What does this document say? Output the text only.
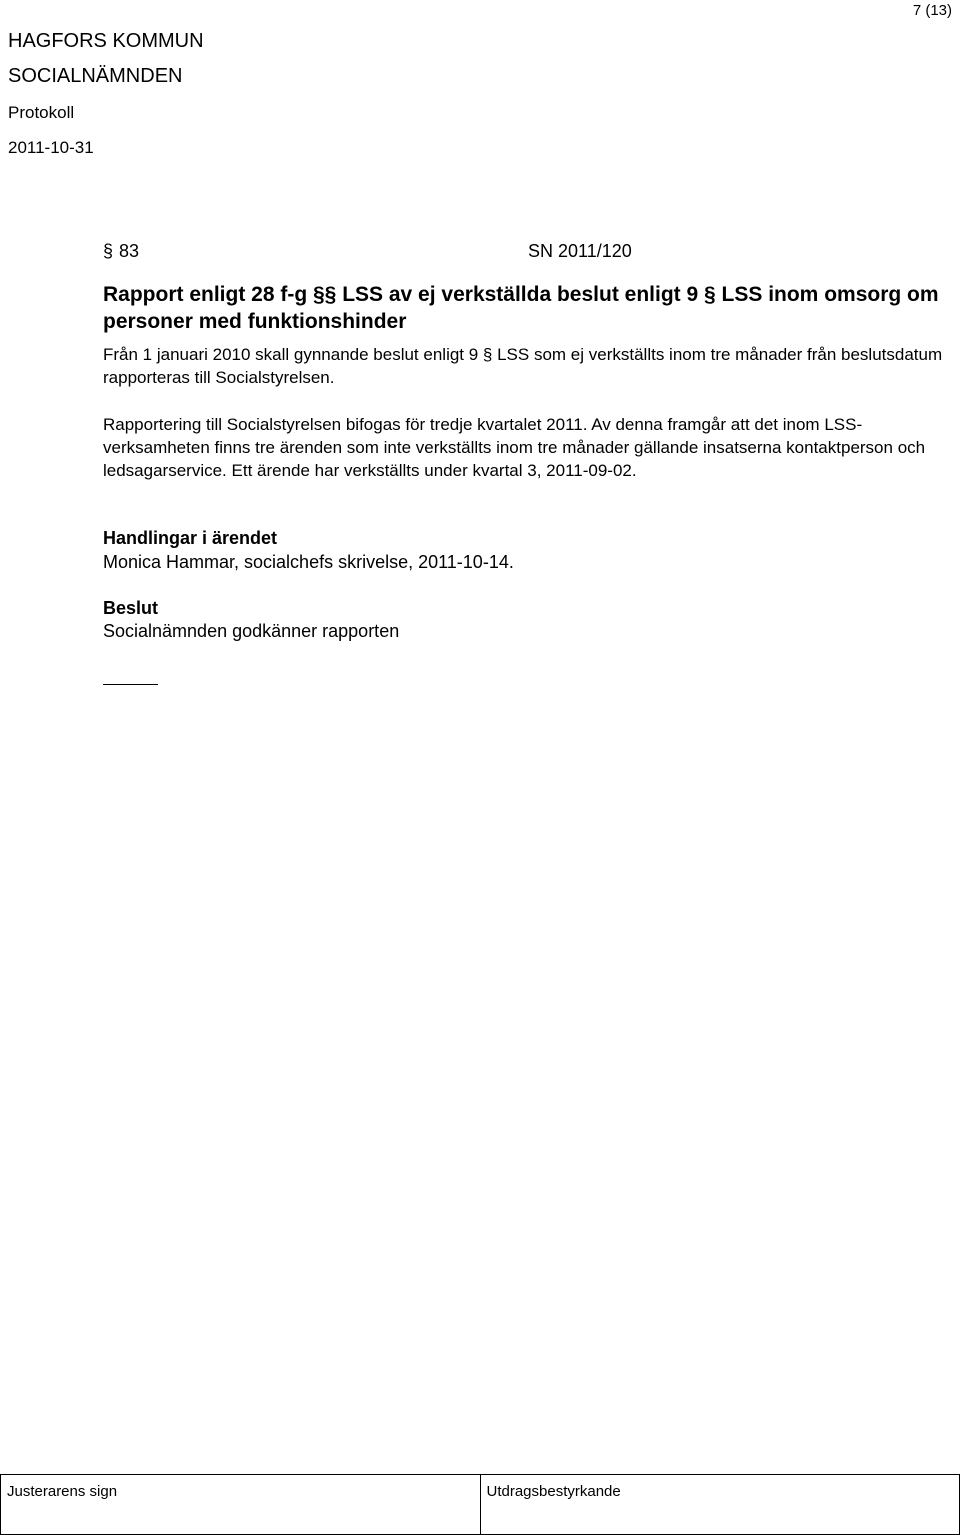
7 (13)
HAGFORS KOMMUN
SOCIALNÄMNDEN
Protokoll
2011-10-31
§ 83	SN 2011/120
Rapport enligt 28 f-g §§ LSS av ej verkställda beslut enligt 9 § LSS inom omsorg om personer med funktionshinder
Från 1 januari 2010 skall gynnande beslut enligt 9 § LSS som ej verkställts inom tre månader från beslutsdatum rapporteras till Socialstyrelsen.
Rapportering till Socialstyrelsen bifogas för tredje kvartalet 2011. Av denna framgår att det inom LSS-verksamheten finns tre ärenden som inte verkställts inom tre månader gällande insatserna kontaktperson och ledsagarservice. Ett ärende har verkställts under kvartal 3, 2011-09-02.
Handlingar i ärendet
Monica Hammar, socialchefs skrivelse, 2011-10-14.
Beslut
Socialnämnden godkänner rapporten
Justerarens sign	Utdragsbestyrkande
